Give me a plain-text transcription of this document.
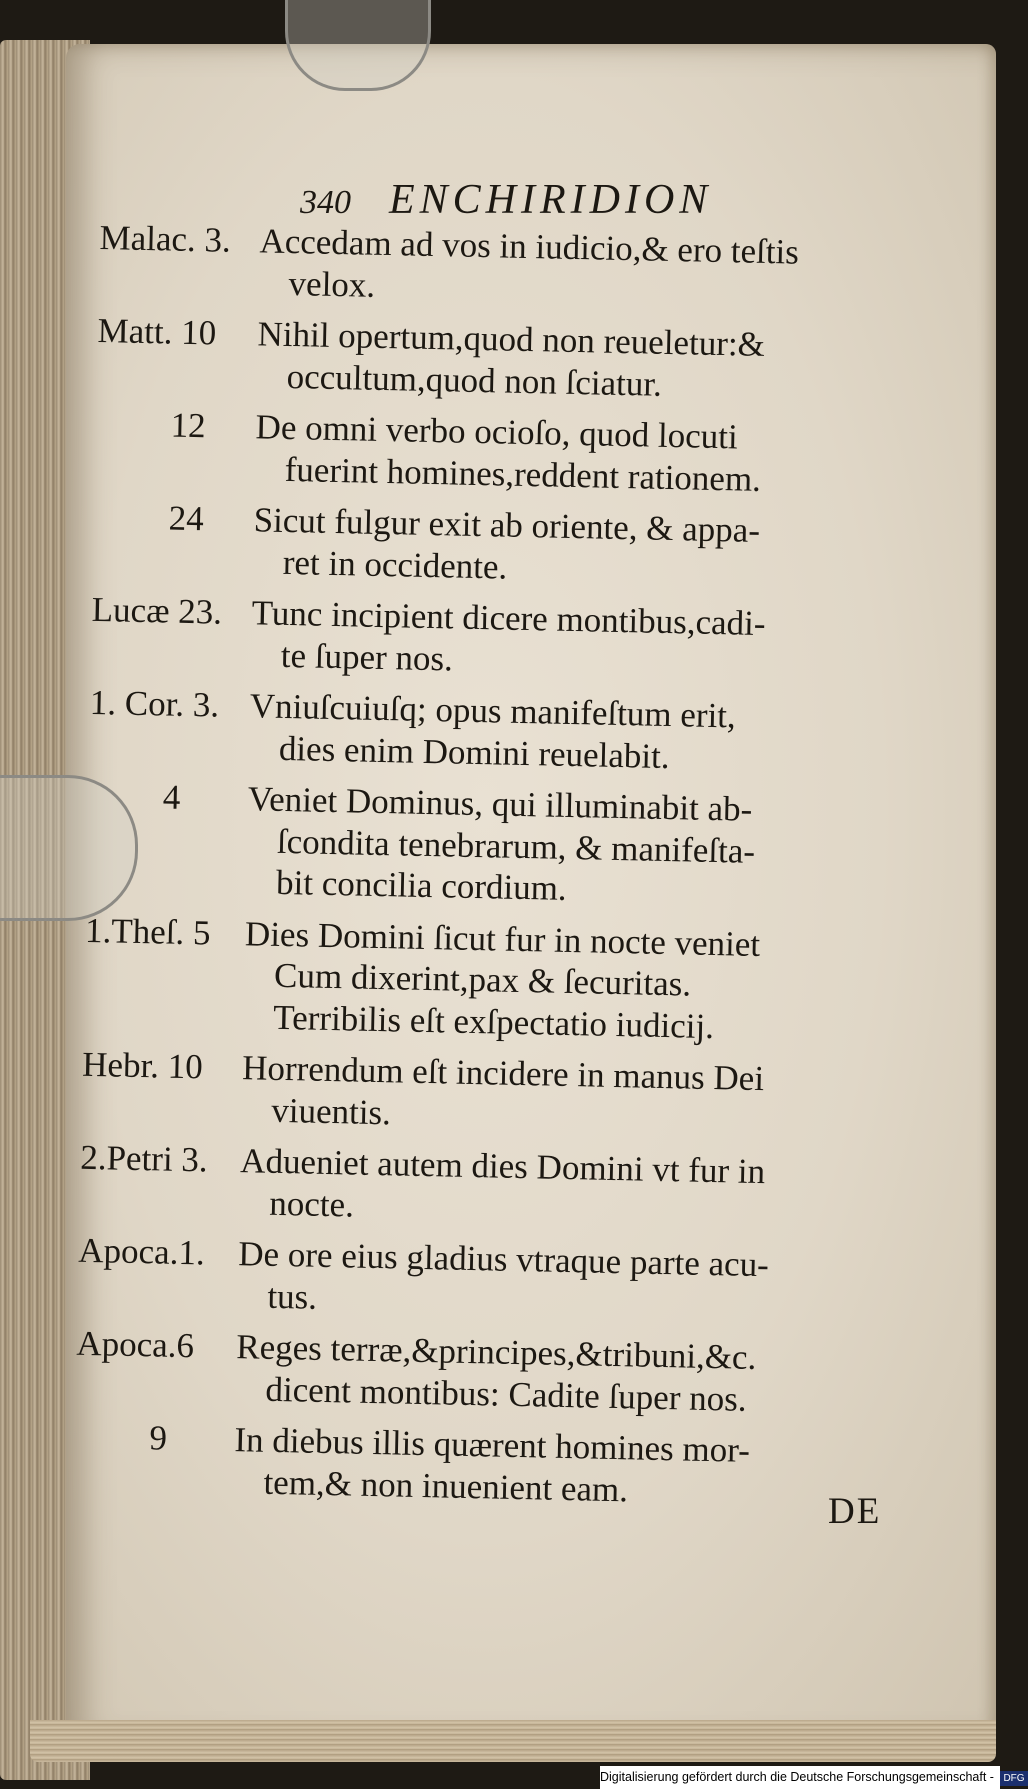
340 ENCHIRIDION
Malac. 3. Accedam ad vos in iudicio,& ero teſtis
velox.
Matt. 10 Nihil opertum,quod non reueletur:&
occultum,quod non ſciatur.
12 De omni verbo ocioſo, quod locuti
fuerint homines,reddent rationem.
24 Sicut fulgur exit ab oriente, & appa-
ret in occidente.
Lucæ 23. Tunc incipient dicere montibus,cadi-
te ſuper nos.
1. Cor. 3. Vniuſcuiuſq; opus manifeſtum erit,
dies enim Domini reuelabit.
4 Veniet Dominus, qui illuminabit ab-
ſcondita tenebrarum, & manifeſta-
bit concilia cordium.
1.Theſ. 5 Dies Domini ſicut fur in nocte veniet
Cum dixerint,pax & ſecuritas.
Terribilis eſt exſpectatio iudicij.
Hebr. 10 Horrendum eſt incidere in manus Dei
viuentis.
2.Petri 3. Adueniet autem dies Domini vt fur in
nocte.
Apoca.1. De ore eius gladius vtraque parte acu-
tus.
Apoca.6 Reges terræ,&principes,&tribuni,&c.
dicent montibus: Cadite ſuper nos.
9 In diebus illis quærent homines mor-
tem,& non inuenient eam.
DE
Digitalisierung gefördert durch die Deutsche Forschungsgemeinschaft - DFG
